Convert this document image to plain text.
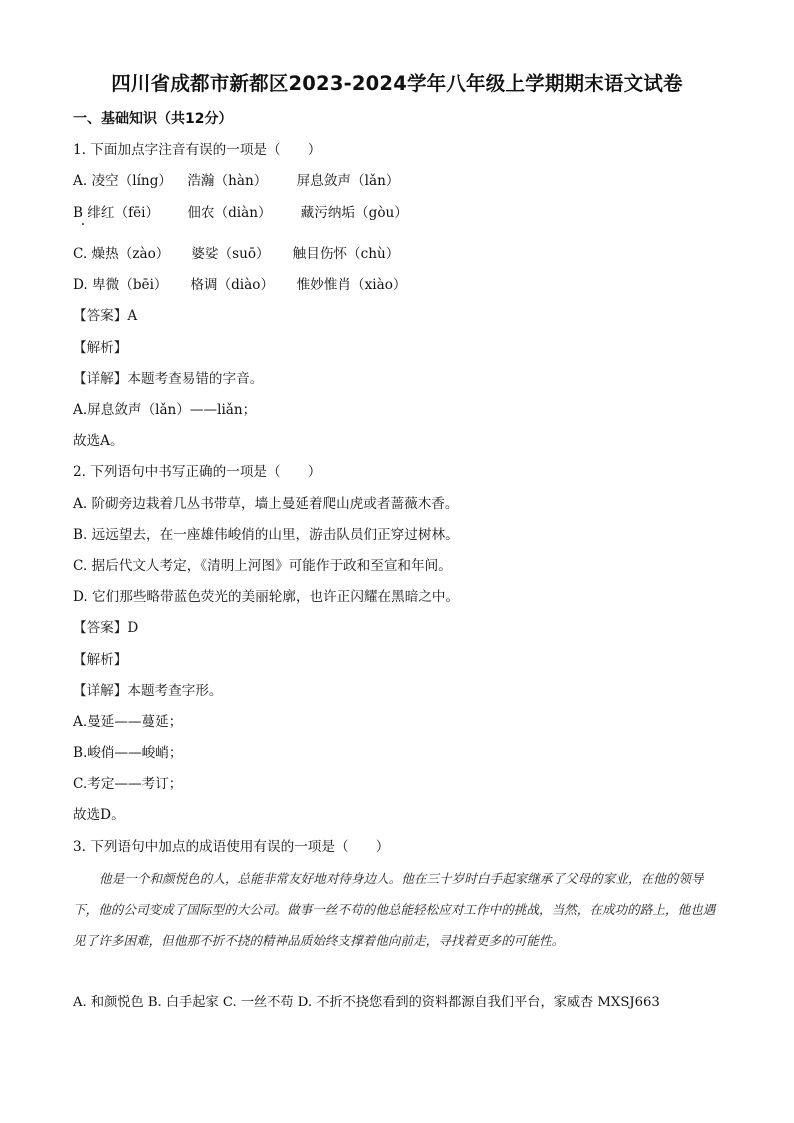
四川省成都市新都区2023-2024学年八年级上学期期末语文试卷
一、基础知识（共12分）
1. 下面加点字注音有误的一项是（　　）
A. 凌空（líng） 浩瀚（hàn） 屏息敛声（lǎn）
B 绯红（fēi） 佃农（diàn） 藏污纳垢（gòu）
C. 燥热（zào） 婆娑（suō） 触目伤怀（chù）
D. 卑微（bēi） 格调（diào） 惟妙惟肖（xiào）
【答案】A
【解析】
【详解】本题考查易错的字音。
A.屏息敛声（lǎn）——liǎn；
故选A。
2. 下列语句中书写正确的一项是（　　）
A. 阶砌旁边栽着几丛书带草，墙上曼延着爬山虎或者蔷薇木香。
B. 远远望去，在一座雄伟峻俏的山里，游击队员们正穿过树林。
C. 据后代文人考定，《清明上河图》可能作于政和至宣和年间。
D. 它们那些略带蓝色荧光的美丽轮廓，也许正闪耀在黑暗之中。
【答案】D
【解析】
【详解】本题考查字形。
A.曼延——蔓延；
B.峻俏——峻峭；
C.考定——考订；
故选D。
3. 下列语句中加点的成语使用有误的一项是（　　）

他是一个和颜悦色的人，总能非常友好地对待身边人。他在三十岁时白手起家继承了父母的家业，在他的领导下，他的公司变成了国际型的大公司。做事一丝不苟的他总能轻松应对工作中的挑战，当然，在成功的路上，他也遇见了许多困难，但他那不折不挠的精神品质始终支撑着他向前走，寻找着更多的可能性。

A. 和颜悦色 B. 白手起家 C. 一丝不苟 D. 不折不挠您看到的资料都源自我们平台，家威杏 MXSJ663
